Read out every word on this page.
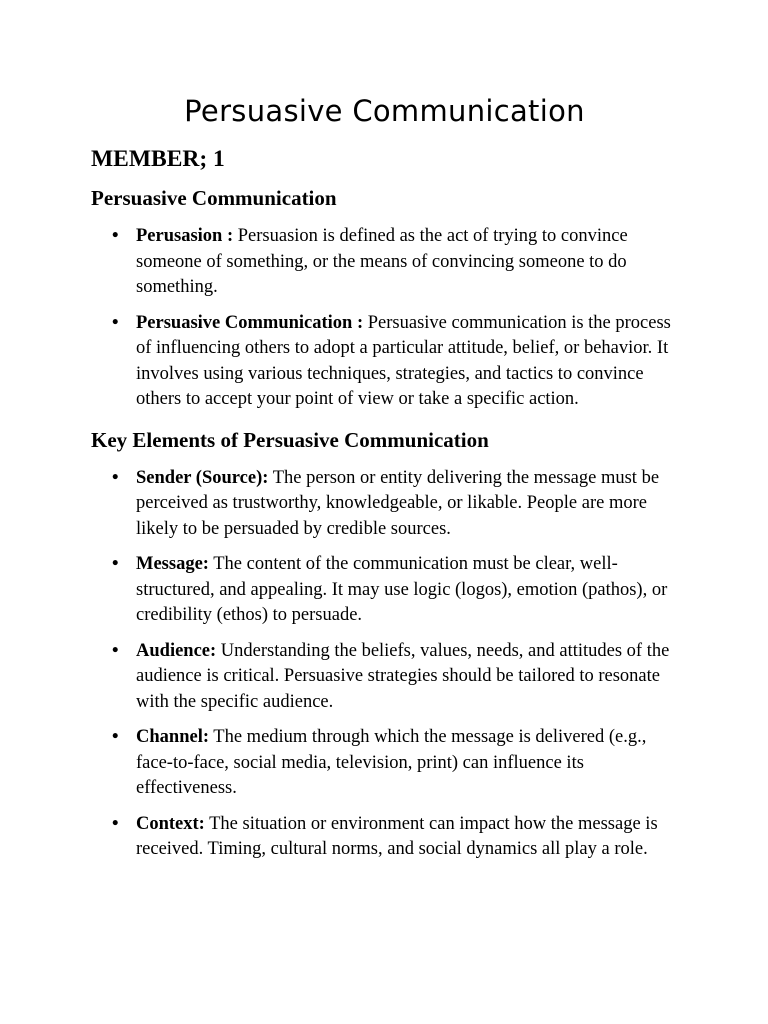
Persuasive Communication
MEMBER; 1
Persuasive Communication
• Perusasion : Persuasion is defined as the act of trying to convince someone of something, or the means of convincing someone to do something.
• Persuasive Communication : Persuasive communication is the process of influencing others to adopt a particular attitude, belief, or behavior. It involves using various techniques, strategies, and tactics to convince others to accept your point of view or take a specific action.
Key Elements of Persuasive Communication
• Sender (Source): The person or entity delivering the message must be perceived as trustworthy, knowledgeable, or likable. People are more likely to be persuaded by credible sources.
• Message: The content of the communication must be clear, well-structured, and appealing. It may use logic (logos), emotion (pathos), or credibility (ethos) to persuade.
• Audience: Understanding the beliefs, values, needs, and attitudes of the audience is critical. Persuasive strategies should be tailored to resonate with the specific audience.
• Channel: The medium through which the message is delivered (e.g., face-to-face, social media, television, print) can influence its effectiveness.
• Context: The situation or environment can impact how the message is received. Timing, cultural norms, and social dynamics all play a role.
